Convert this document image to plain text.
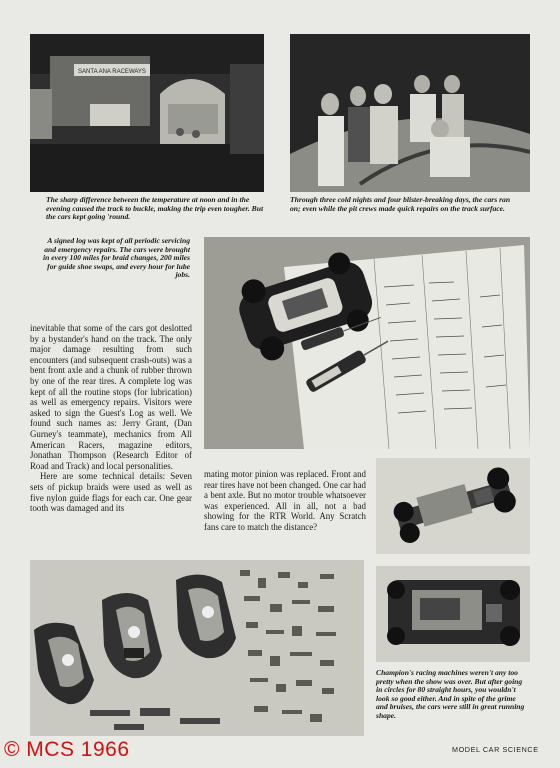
SANTA ANA RACEWAYS
The sharp difference between the temperature at noon and in the evening caused the track to buckle, making the trip even tougher. But the cars kept going 'round.
Through three cold nights and four blister-breaking days, the cars ran on; even while the pit crews made quick repairs on the track surface.
A signed log was kept of all periodic servicing and emergency repairs. The cars were brought in every 100 miles for braid changes, 200 miles for guide shoe swaps, and every hour for lube jobs.

inevitable that some of the cars got deslotted by a bystander's hand on the track. The only major damage resulting from such encounters (and subsequent crash-outs) was a bent front axle and a chunk of rubber thrown by one of the rear tires. A complete log was kept of all the routine stops (for lubrication) as well as emergency repairs. Visitors were asked to sign the Guest's Log as well. We found such names as: Jerry Grant, (Dan Gurney's teammate), mechanics from All American Racers, magazine editors, Jonathan Thompson (Research Editor of Road and Track) and local personalities.

Here are some technical details: Seven sets of pickup braids were used as well as five nylon guide flags for each car. One gear tooth was damaged and its

mating motor pinion was replaced. Front and rear tires have not been changed. One car had a bent axle. But no motor trouble whatsoever was experienced. All in all, not a bad showing for the RTR World. Any Scratch fans care to match the distance?

Champion's racing machines weren't any too pretty when the show was over. But after going in circles for 80 straight hours, you wouldn't look so good either. And in spite of the grime and bruises, the cars were still in great running shape.
© MCS 1966	MODEL CAR SCIENCE
